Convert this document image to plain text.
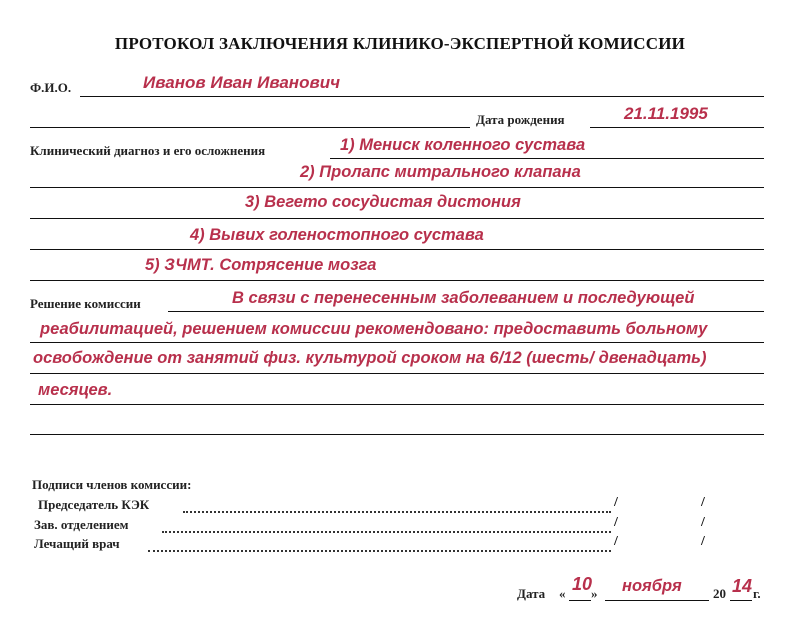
ПРОТОКОЛ ЗАКЛЮЧЕНИЯ КЛИНИКО-ЭКСПЕРТНОЙ КОМИССИИ
Ф.И.О.	Иванов Иван Иванович
Дата рождения	21.11.1995
Клинический диагноз и его осложнения	1) Мениск коленного сустава
2) Пролапс митрального клапана
3) Вегето сосудистая дистония
4) Вывих голеностопного сустава
5) ЗЧМТ. Сотрясение мозга
Решение комиссии	В связи с перенесенным заболеванием и последующей
реабилитацией, решением комиссии рекомендовано: предоставить больному
освобождение от занятий физ. культурой сроком на 6/12 (шесть/ двенадцать)
месяцев.
Подписи членов комиссии:
Председатель КЭК	/	/
Зав. отделением	/	/
Лечащий врач	/	/
Дата « 10
» ноября 20 14 г.
